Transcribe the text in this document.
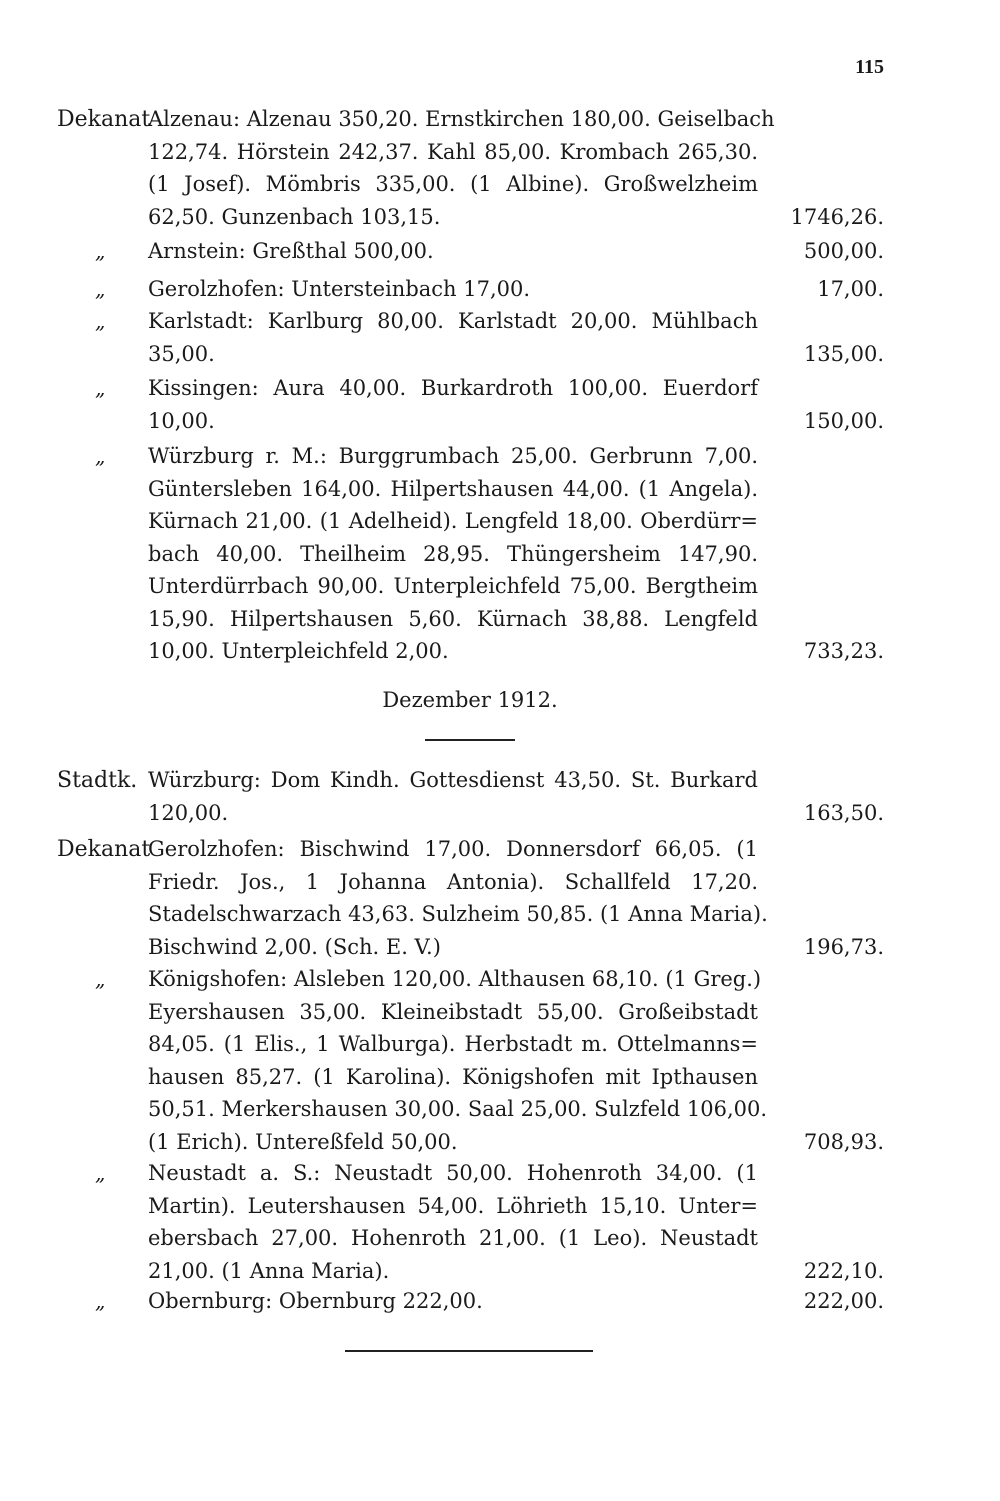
115
Dekanat
Alzenau: Alzenau 350,20. Ernstkirchen 180,00. Geiselbach
122,74. Hörstein 242,37. Kahl 85,00. Krombach 265,30.
(1 Josef). Mömbris 335,00. (1 Albine). Großwelzheim
62,50. Gunzenbach 103,15.	1746,26.
„	Arnstein: Greßthal 500,00.	500,00.
„	Gerolzhofen: Untersteinbach 17,00.	17,00.
„	Karlstadt: Karlburg 80,00. Karlstadt 20,00. Mühlbach
35,00.	135,00.
„	Kissingen: Aura 40,00. Burkardroth 100,00. Euerdorf
10,00.	150,00.
„	Würzburg r. M.: Burggrumbach 25,00. Gerbrunn 7,00.
Güntersleben 164,00. Hilpertshausen 44,00. (1 Angela).
Kürnach 21,00. (1 Adelheid). Lengfeld 18,00. Oberdürr=
bach 40,00. Theilheim 28,95. Thüngersheim 147,90.
Unterdürrbach 90,00. Unterpleichfeld 75,00. Bergtheim
15,90. Hilpertshausen 5,60. Kürnach 38,88. Lengfeld
10,00. Unterpleichfeld 2,00.	733,23.
Dezember 1912.
Stadtk. Würzburg: Dom Kindh. Gottesdienst 43,50. St. Burkard
120,00.	163,50.
Dekanat
Gerolzhofen: Bischwind 17,00. Donnersdorf 66,05. (1
Friedr. Jos., 1 Johanna Antonia). Schallfeld 17,20.
Stadelschwarzach 43,63. Sulzheim 50,85. (1 Anna Maria).
Bischwind 2,00. (Sch. E. V.)	196,73.
„	Königshofen: Alsleben 120,00. Althausen 68,10. (1 Greg.)
Eyershausen 35,00. Kleineibstadt 55,00. Großeibstadt
84,05. (1 Elis., 1 Walburga). Herbstadt m. Ottelmanns=
hausen 85,27. (1 Karolina). Königshofen mit Ipthausen
50,51. Merkershausen 30,00. Saal 25,00. Sulzfeld 106,00.
(1 Erich). Untereßfeld 50,00.	708,93.
„	Neustadt a. S.: Neustadt 50,00. Hohenroth 34,00. (1
Martin). Leutershausen 54,00. Löhrieth 15,10. Unter=
ebersbach 27,00. Hohenroth 21,00. (1 Leo). Neustadt
21,00. (1 Anna Maria).	222,10.
„	Obernburg: Obernburg 222,00.	222,00.
